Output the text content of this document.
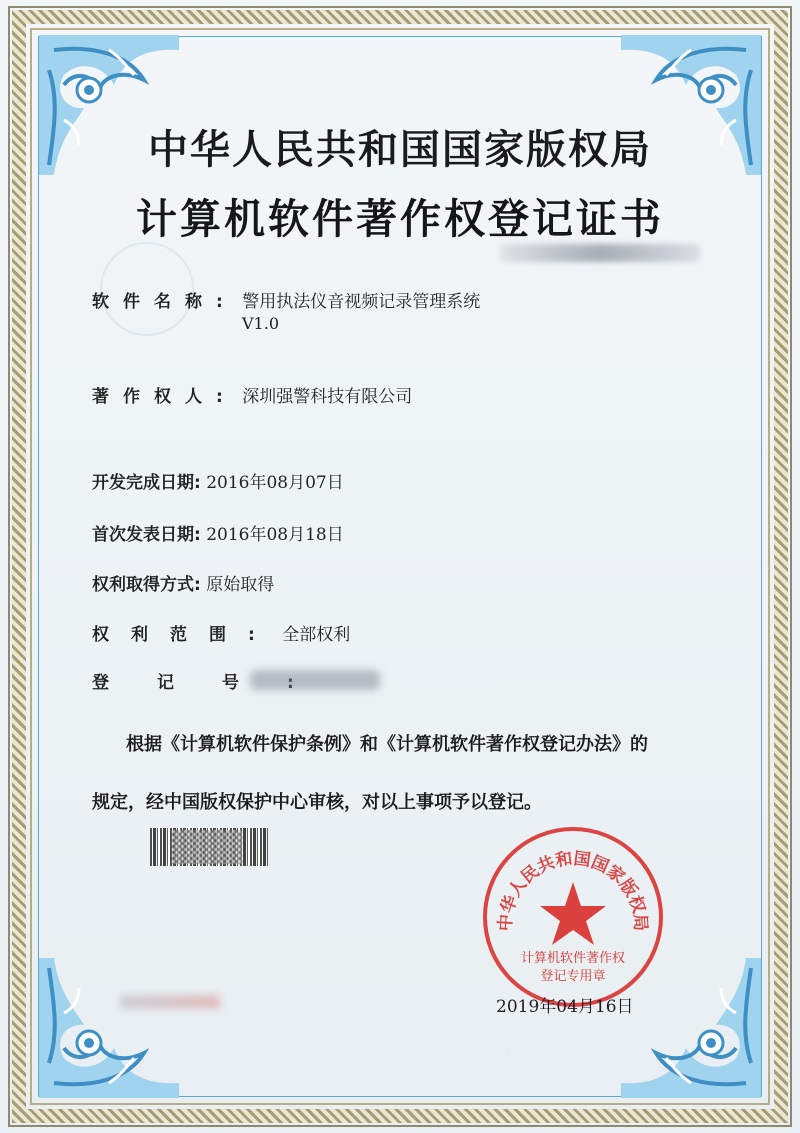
中华人民共和国国家版权局
计算机软件著作权登记证书
软件名称: 警用执法仪音视频记录管理系统
V1.0
著作权人: 深圳强警科技有限公司
开发完成日期: 2016年08月07日
首次发表日期: 2016年08月18日
权利取得方式: 原始取得
权利范围: 全部权利
登记号:
根据《计算机软件保护条例》和《计算机软件著作权登记办法》的
规定，经中国版权保护中心审核，对以上事项予以登记。
中华人民共和国国家版权局
计算机软件著作权
登记专用章
2019年04月16日
